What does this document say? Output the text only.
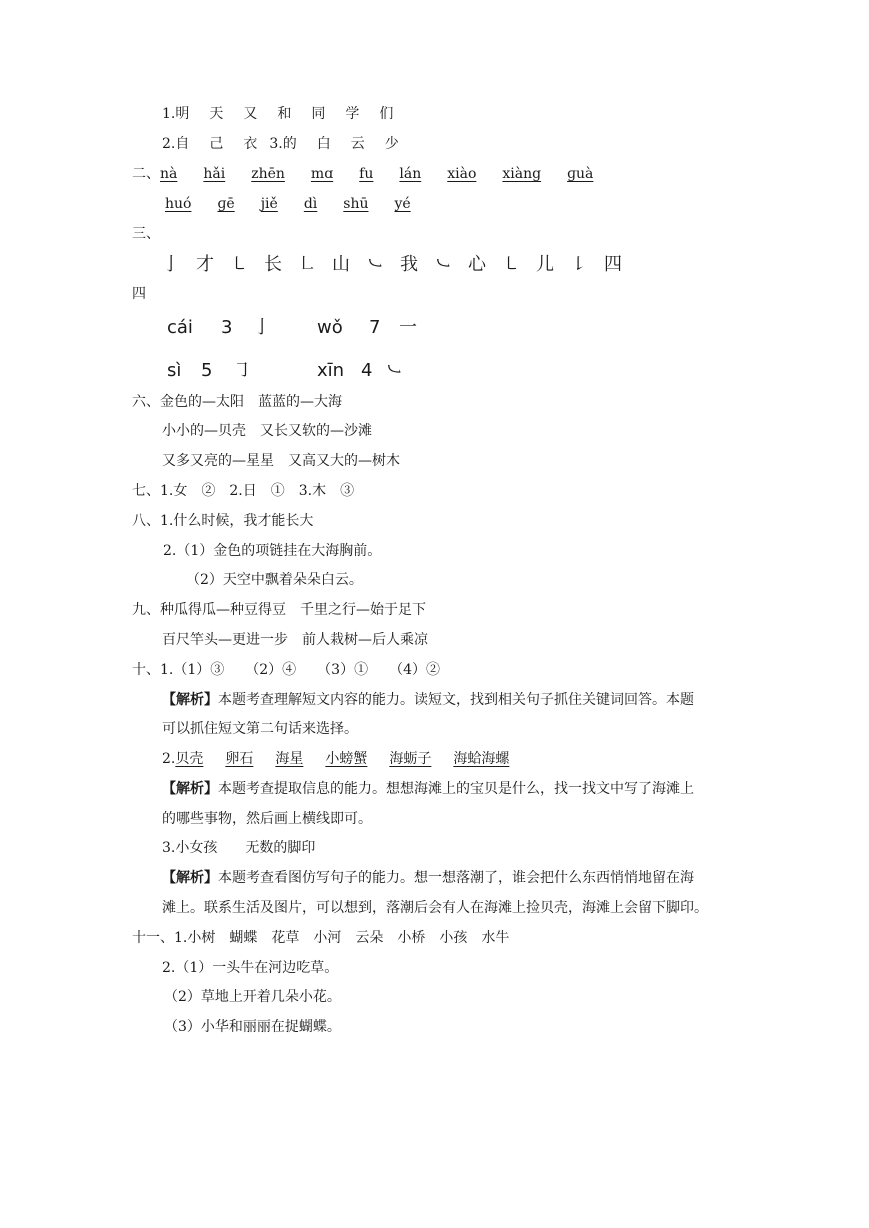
1.明 天 又 和 同 学 们
2.自 己 衣 3.的 白 云 少
二、nà hǎi zhēn mɑ fu lán xiào xiàng ɡuà
huó ɡē jiě dì shū yé
三、
亅 才 ㇄ 长 ㇗ 山 ㇃ 我 ㇃ 心 ㇄ 儿 ㇙ 四
四
cái 3 亅	wǒ 7 一
sì 5 ㇆	xīn 4 ㇃
六、金色的—太阳　蓝蓝的—大海
小小的—贝壳　又长又软的—沙滩
又多又亮的—星星　又高又大的—树木
七、1.女　②　2.日　①　3.木　③
八、1.什么时候，我才能长大
2.（1）金色的项链挂在大海胸前。
（2）天空中飘着朵朵白云。
九、种瓜得瓜—种豆得豆　千里之行—始于足下
百尺竿头—更进一步　前人栽树—后人乘凉
十、1.（1）③　　（2）④　　（3）①　　（4）②
【解析】本题考查理解短文内容的能力。读短文，找到相关句子抓住关键词回答。本题
可以抓住短文第二句话来选择。
2.贝壳 卵石 海星 小螃蟹 海蛎子 海蛤海螺
【解析】本题考查提取信息的能力。想想海滩上的宝贝是什么，找一找文中写了海滩上
的哪些事物，然后画上横线即可。
3.小女孩　　无数的脚印
【解析】本题考查看图仿写句子的能力。想一想落潮了，谁会把什么东西悄悄地留在海
滩上。联系生活及图片，可以想到，落潮后会有人在海滩上捡贝壳，海滩上会留下脚印。
十一、1.小树　蝴蝶　花草　小河　云朵　小桥　小孩　水牛
2.（1）一头牛在河边吃草。
（2）草地上开着几朵小花。
（3）小华和丽丽在捉蝴蝶。
